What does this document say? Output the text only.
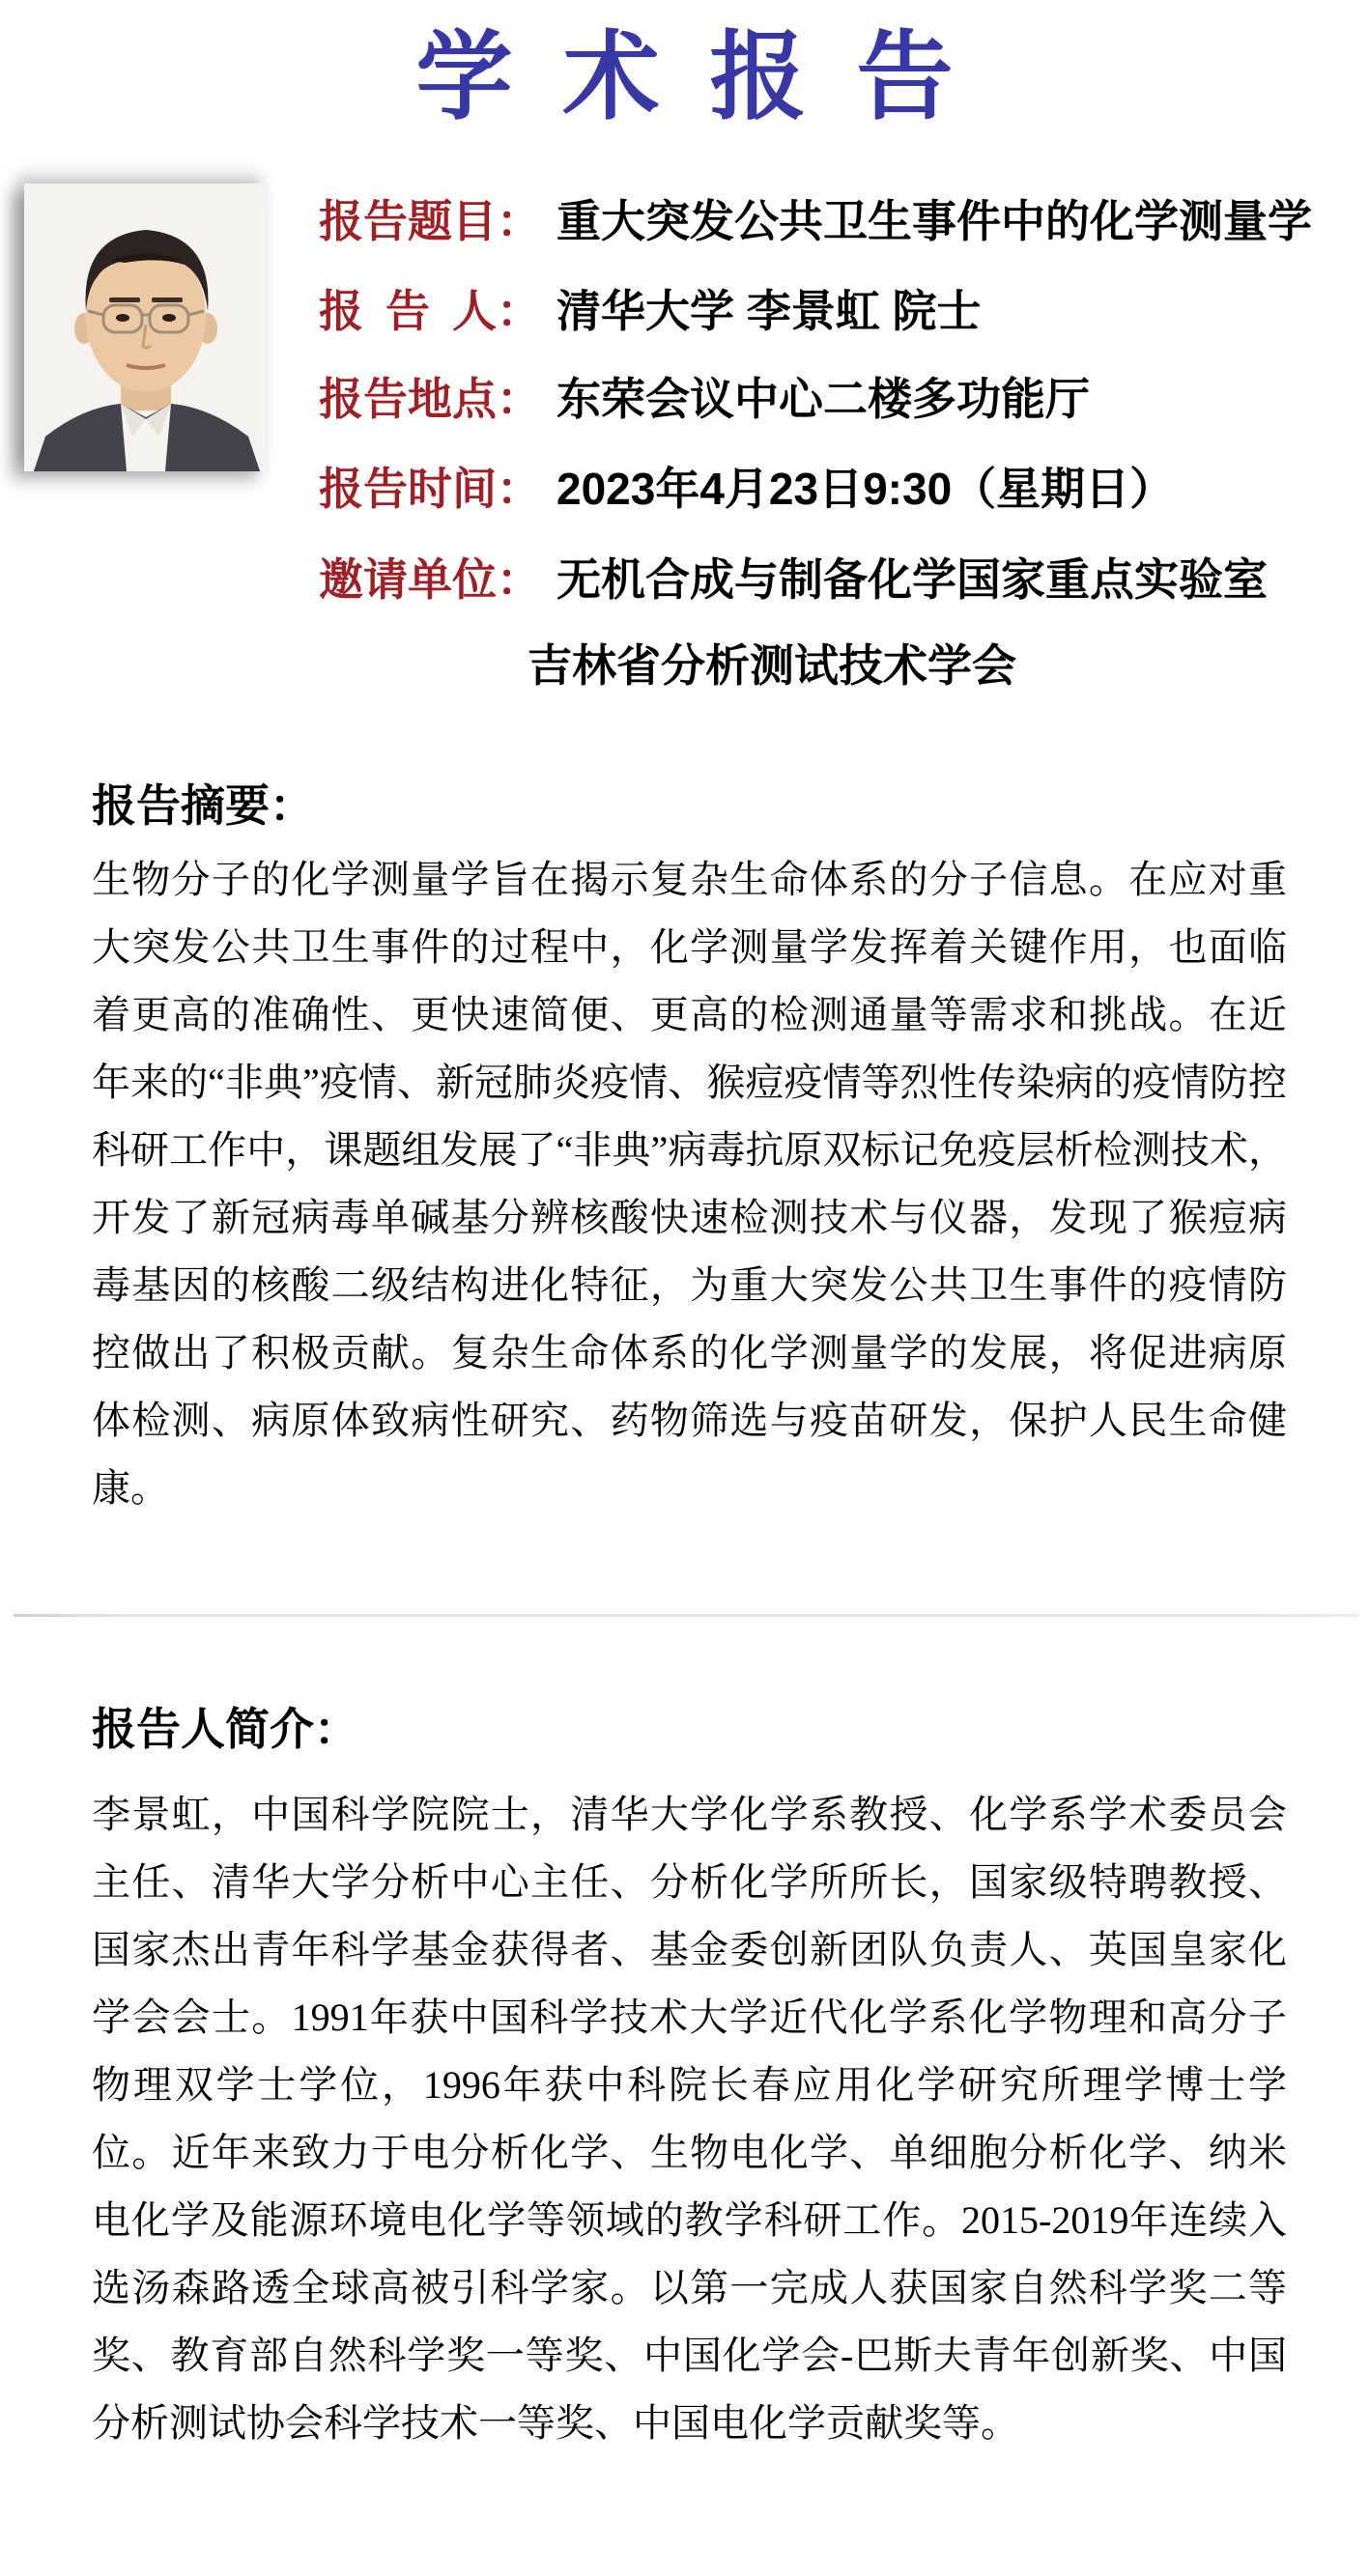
学术报告
报告题目 ： 重大突发公共卫生事件中的化学测量学
报告人 ： 清华大学 李景虹 院士
报告地点 ： 东荣会议中心二楼多功能厅
报告时间 ： 2023年4月23日9:30（星期日）
邀请单位 ： 无机合成与制备化学国家重点实验室
吉林省分析测试技术学会
报告摘要：
生物分子的化学测量学旨在揭示复杂生命体系的分子信息。在应对重大突发公共卫生事件的过程中，化学测量学发挥着关键作用，也面临着更高的准确性、更快速简便、更高的检测通量等需求和挑战。在近年来的“非典”疫情、新冠肺炎疫情、猴痘疫情等烈性传染病的疫情防控科研工作中，课题组发展了“非典”病毒抗原双标记免疫层析检测技术，开发了新冠病毒单碱基分辨核酸快速检测技术与仪器，发现了猴痘病毒基因的核酸二级结构进化特征，为重大突发公共卫生事件的疫情防控做出了积极贡献。复杂生命体系的化学测量学的发展，将促进病原体检测、病原体致病性研究、药物筛选与疫苗研发，保护人民生命健康。
报告人简介：
李景虹，中国科学院院士，清华大学化学系教授、化学系学术委员会主任、清华大学分析中心主任、分析化学所所长，国家级特聘教授、国家杰出青年科学基金获得者、基金委创新团队负责人、英国皇家化学会会士。1991年获中国科学技术大学近代化学系化学物理和高分子物理双学士学位，1996年获中科院长春应用化学研究所理学博士学位。近年来致力于电分析化学、生物电化学、单细胞分析化学、纳米电化学及能源环境电化学等领域的教学科研工作。2015-2019年连续入选汤森路透全球高被引科学家。以第一完成人获国家自然科学奖二等奖、教育部自然科学奖一等奖、中国化学会-巴斯夫青年创新奖、中国分析测试协会科学技术一等奖、中国电化学贡献奖等。
